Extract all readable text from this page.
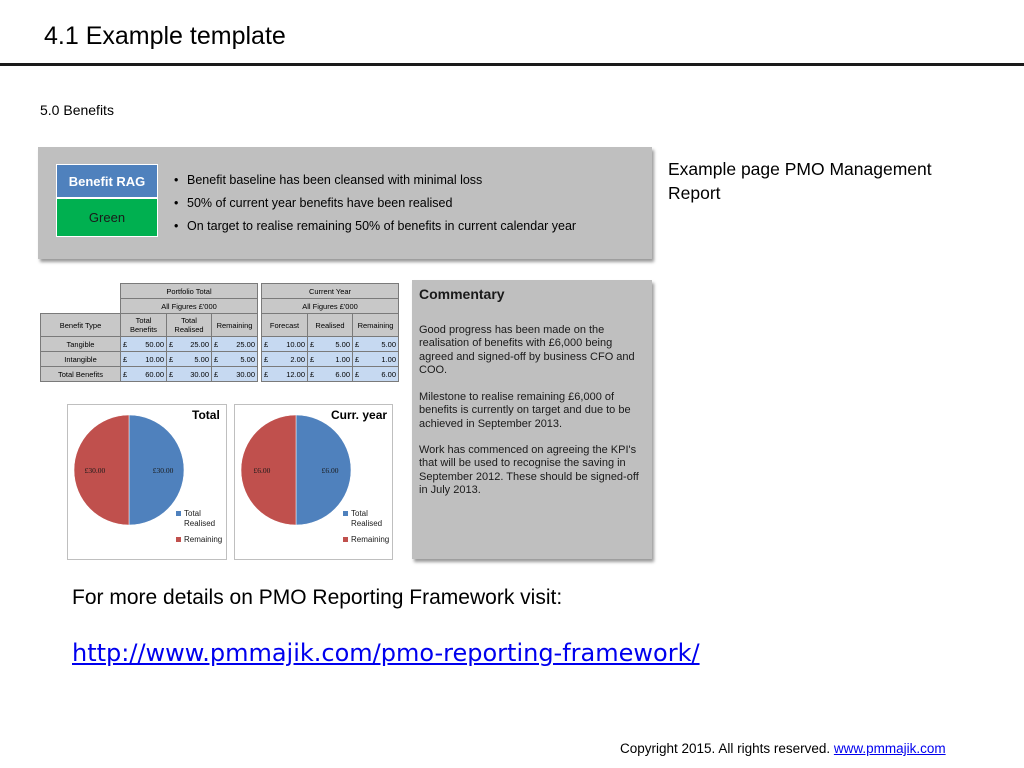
4.1 Example template
5.0 Benefits
Benefit RAG
Green
• Benefit baseline has been cleansed with minimal loss
• 50% of current year benefits have been realised
• On target to realise remaining 50% of benefits in current calendar year
Example page PMO Management Report
	Portfolio Total		
	All Figures £'000		
Benefit Type	Total Benefits	Total Realised	Remaining
Tangible	£ 50.00	£ 25.00	£ 25.00

Intangible	£ 10.00	£ 5.00	£ 5.00

Total Benefits	£ 60.00	£ 30.00	£ 30.00
Current Year		
All Figures £'000		
Forecast	Realised	Remaining

£ 10.00	£ 5.00	£ 5.00

£ 2.00	£ 1.00	£ 1.00

£ 12.00	£ 6.00	£ 6.00
Total
£30.00
£30.00
Total Realised
Remaining
Curr. year
£6.00
£6.00
Total Realised
Remaining
Commentary
Good progress has been made on the realisation of benefits with £6,000 being agreed and signed-off by business CFO and COO.
Milestone to realise remaining £6,000 of benefits is currently on target and due to be achieved in September 2013.
Work has commenced on agreeing the KPI's that will be used to recognise the saving in September 2012. These should be signed-off in July 2013.
For more details on PMO Reporting Framework visit:
http://www.pmmajik.com/pmo-reporting-framework/
Copyright 2015. All rights reserved. www.pmmajik.com
